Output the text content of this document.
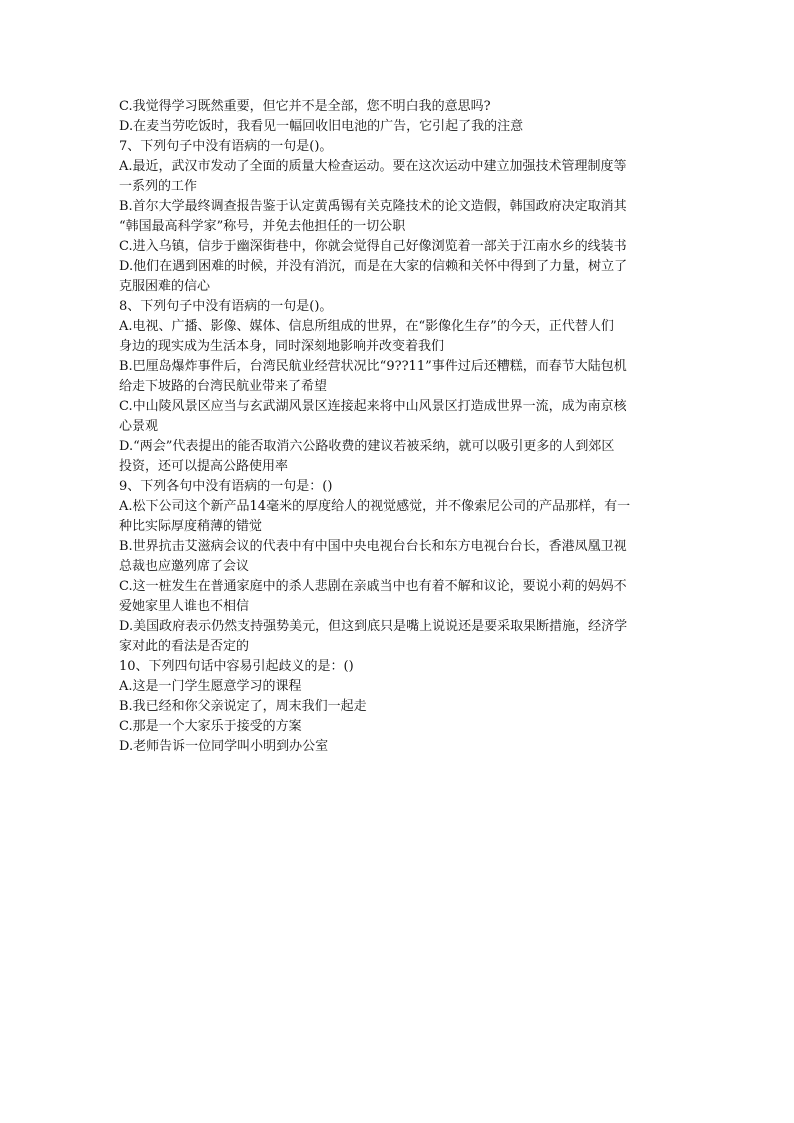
C.我觉得学习既然重要，但它并不是全部，您不明白我的意思吗?
D.在麦当劳吃饭时，我看见一幅回收旧电池的广告，它引起了我的注意
7、下列句子中没有语病的一句是()。
A.最近，武汉市发动了全面的质量大检查运动。要在这次运动中建立加强技术管理制度等
一系列的工作
B.首尔大学最终调查报告鉴于认定黄禹锡有关克隆技术的论文造假，韩国政府决定取消其
“韩国最高科学家”称号，并免去他担任的一切公职
C.进入乌镇，信步于幽深街巷中，你就会觉得自己好像浏览着一部关于江南水乡的线装书
D.他们在遇到困难的时候，并没有消沉，而是在大家的信赖和关怀中得到了力量，树立了
克服困难的信心
8、下列句子中没有语病的一句是()。
A.电视、广播、影像、媒体、信息所组成的世界，在“影像化生存”的今天，正代替人们
身边的现实成为生活本身，同时深刻地影响并改变着我们
B.巴厘岛爆炸事件后，台湾民航业经营状况比“9??11”事件过后还糟糕，而春节大陆包机
给走下坡路的台湾民航业带来了希望
C.中山陵风景区应当与玄武湖风景区连接起来将中山风景区打造成世界一流，成为南京核
心景观
D.“两会”代表提出的能否取消六公路收费的建议若被采纳，就可以吸引更多的人到郊区
投资，还可以提高公路使用率
9、下列各句中没有语病的一句是：()
A.松下公司这个新产品14毫米的厚度给人的视觉感觉，并不像索尼公司的产品那样，有一
种比实际厚度稍薄的错觉
B.世界抗击艾滋病会议的代表中有中国中央电视台台长和东方电视台台长，香港凤凰卫视
总裁也应邀列席了会议
C.这一桩发生在普通家庭中的杀人悲剧在亲戚当中也有着不解和议论，要说小莉的妈妈不
爱她家里人谁也不相信
D.美国政府表示仍然支持强势美元，但这到底只是嘴上说说还是要采取果断措施，经济学
家对此的看法是否定的
10、下列四句话中容易引起歧义的是：()
A.这是一门学生愿意学习的课程
B.我已经和你父亲说定了，周末我们一起走
C.那是一个大家乐于接受的方案
D.老师告诉一位同学叫小明到办公室
